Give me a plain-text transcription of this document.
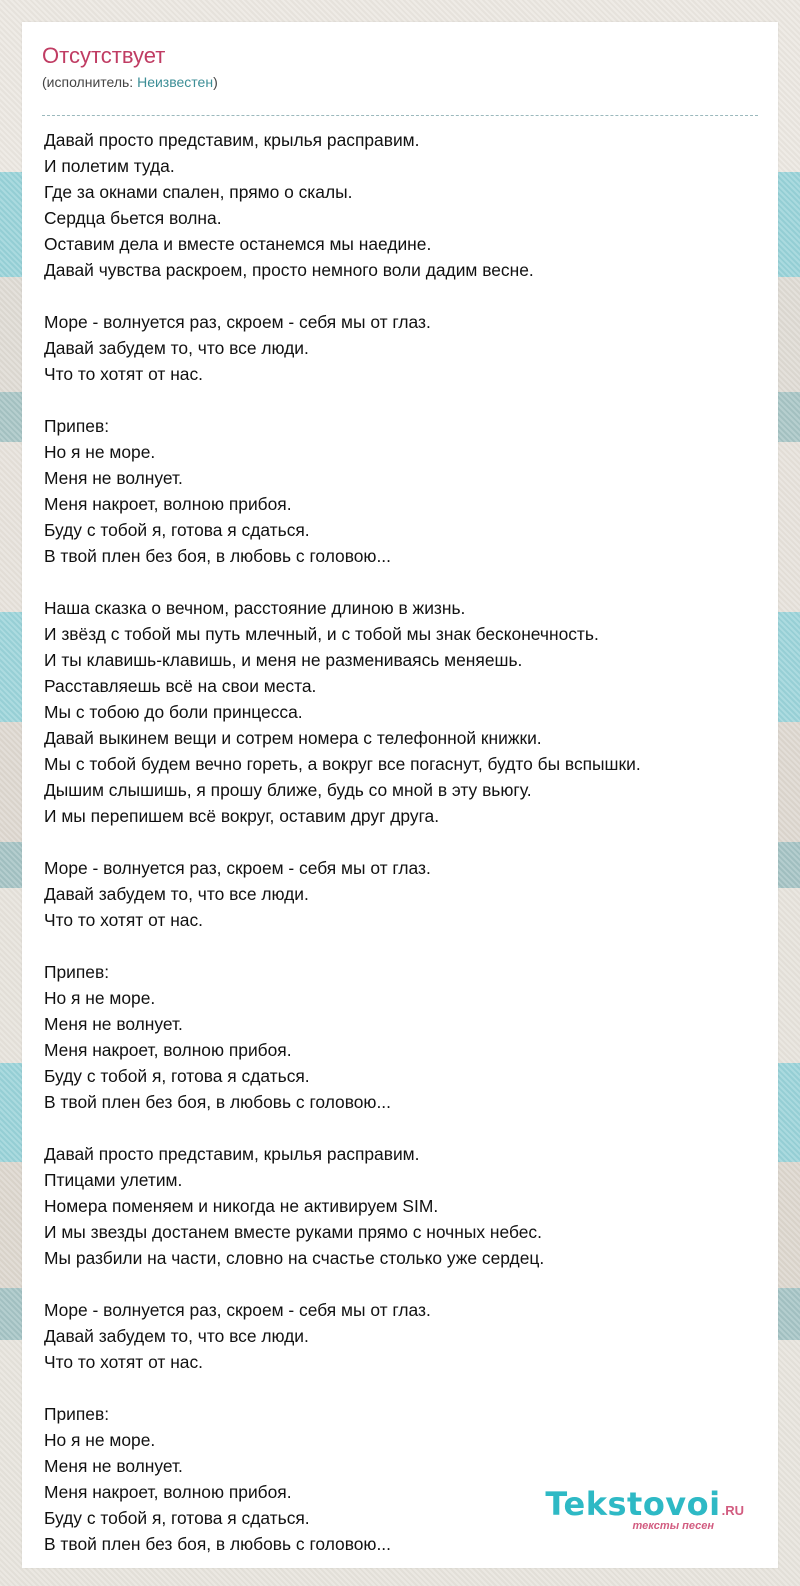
Отсутствует
(исполнитель: Неизвестен)
Давай просто представим, крылья расправим.
И полетим туда.
Где за окнами спален, прямо о скалы.
Сердца бьется волна.
Оставим дела и вместе останемся мы наедине.
Давай чувства раскроем, просто немного воли дадим весне.
Море - волнуется раз, скроем - себя мы от глаз.
Давай забудем то, что все люди.
Что то хотят от нас.
Припев:
Но я не море.
Меня не волнует.
Меня накроет, волною прибоя.
Буду с тобой я, готова я сдаться.
В твой плен без боя, в любовь с головою...
Наша сказка о вечном, расстояние длиною в жизнь.
И звёзд с тобой мы путь млечный, и с тобой мы знак бесконечность.
И ты клавишь-клавишь, и меня не размениваясь меняешь.
Расставляешь всё на свои места.
Мы с тобою до боли принцесса.
Давай выкинем вещи и сотрем номера с телефонной книжки.
Мы с тобой будем вечно гореть, а вокруг все погаснут, будто бы вспышки.
Дышим слышишь, я прошу ближе, будь со мной в эту вьюгу.
И мы перепишем всё вокруг, оставим друг друга.
Море - волнуется раз, скроем - себя мы от глаз.
Давай забудем то, что все люди.
Что то хотят от нас.
Припев:
Но я не море.
Меня не волнует.
Меня накроет, волною прибоя.
Буду с тобой я, готова я сдаться.
В твой плен без боя, в любовь с головою...
Давай просто представим, крылья расправим.
Птицами улетим.
Номера поменяем и никогда не активируем SIM.
И мы звезды достанем вместе руками прямо с ночных небес.
Мы разбили на части, словно на счастье столько уже сердец.
Море - волнуется раз, скроем - себя мы от глаз.
Давай забудем то, что все люди.
Что то хотят от нас.
Припев:
Но я не море.
Меня не волнует.
Меня накроет, волною прибоя.
Буду с тобой я, готова я сдаться.
В твой плен без боя, в любовь с головою...
Tekstovoi.RU
тексты песен
